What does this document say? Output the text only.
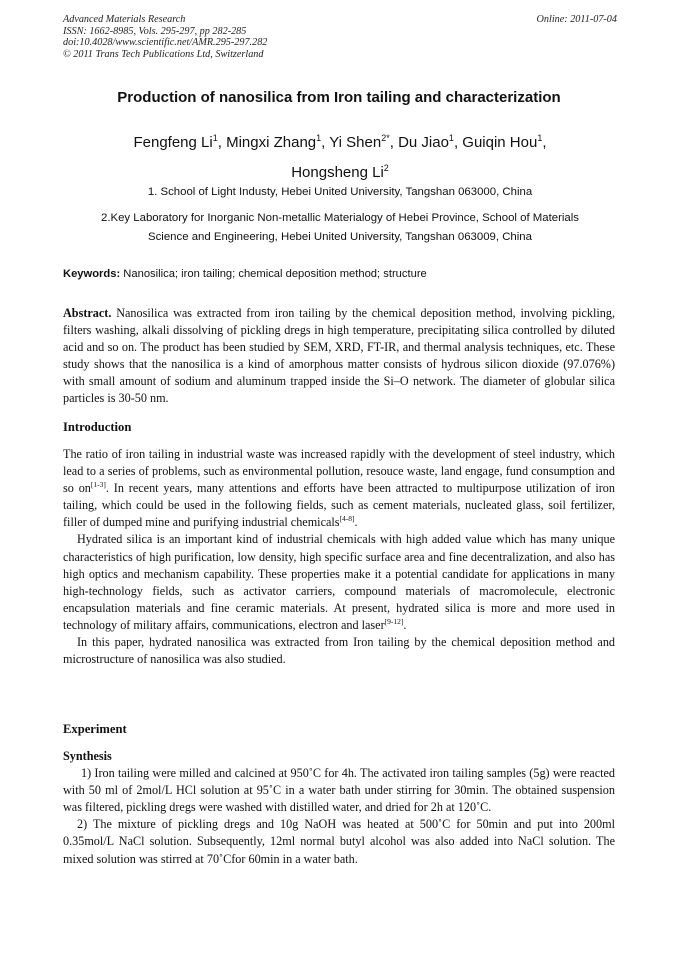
Advanced Materials Research
ISSN: 1662-8985, Vols. 295-297, pp 282-285
doi:10.4028/www.scientific.net/AMR.295-297.282
© 2011 Trans Tech Publications Ltd, Switzerland
Online: 2011-07-04
Production of nanosilica from Iron tailing and characterization
Fengfeng Li$^1$, Mingxi Zhang$^1$, Yi Shen$^{2*}$, Du Jiao$^1$, Guiqin Hou$^1$,
Hongsheng Li$^2$
1. School of Light Industy, Hebei United University, Tangshan 063000, China
2.Key Laboratory for Inorganic Non-metallic Materialogy of Hebei Province, School of Materials
Science and Engineering, Hebei United University, Tangshan 063009, China
Keywords: Nanosilica; iron tailing; chemical deposition method; structure

Abstract. Nanosilica was extracted from iron tailing by the chemical deposition method, involving pickling, filters washing, alkali dissolving of pickling dregs in high temperature, precipitating silica controlled by diluted acid and so on. The product has been studied by SEM, XRD, FT-IR, and thermal analysis techniques, etc. These study shows that the nanosilica is a kind of amorphous matter consists of hydrous silicon dioxide (97.076%) with small amount of sodium and aluminum trapped inside the Si–O network. The diameter of globular silica particles is 30-50 nm.

Introduction

The ratio of iron tailing in industrial waste was increased rapidly with the development of steel industry, which lead to a series of problems, such as environmental pollution, resouce waste, land engage, fund consumption and so on[1-3]. In recent years, many attentions and efforts have been attracted to multipurpose utilization of iron tailing, which could be used in the following fields, such as cement materials, nucleated glass, soil fertilizer, filler of dumped mine and purifying industrial chemicals[4-8].

Hydrated silica is an important kind of industrial chemicals with high added value which has many unique characteristics of high purification, low density, high specific surface area and fine decentralization, and also has high optics and mechanism capability. These properties make it a potential candidate for applications in many high-technology fields, such as activator carriers, compound materials of macromolecule, electronic encapsulation materials and fine ceramic materials. At present, hydrated silica is more and more used in technology of military affairs, communications, electron and laser[9-12].

In this paper, hydrated nanosilica was extracted from Iron tailing by the chemical deposition method and microstructure of nanosilica was also studied.

Experiment

Synthesis

1) Iron tailing were milled and calcined at 950˚C for 4h. The activated iron tailing samples (5g) were reacted with 50 ml of 2mol/L HCl solution at 95˚C in a water bath under stirring for 30min. The obtained suspension was filtered, pickling dregs were washed with distilled water, and dried for 2h at 120˚C.

2) The mixture of pickling dregs and 10g NaOH was heated at 500˚C for 50min and put into 200ml 0.35mol/L NaCl solution. Subsequently, 12ml normal butyl alcohol was also added into NaCl solution. The mixed solution was stirred at 70˚Cfor 60min in a water bath.
